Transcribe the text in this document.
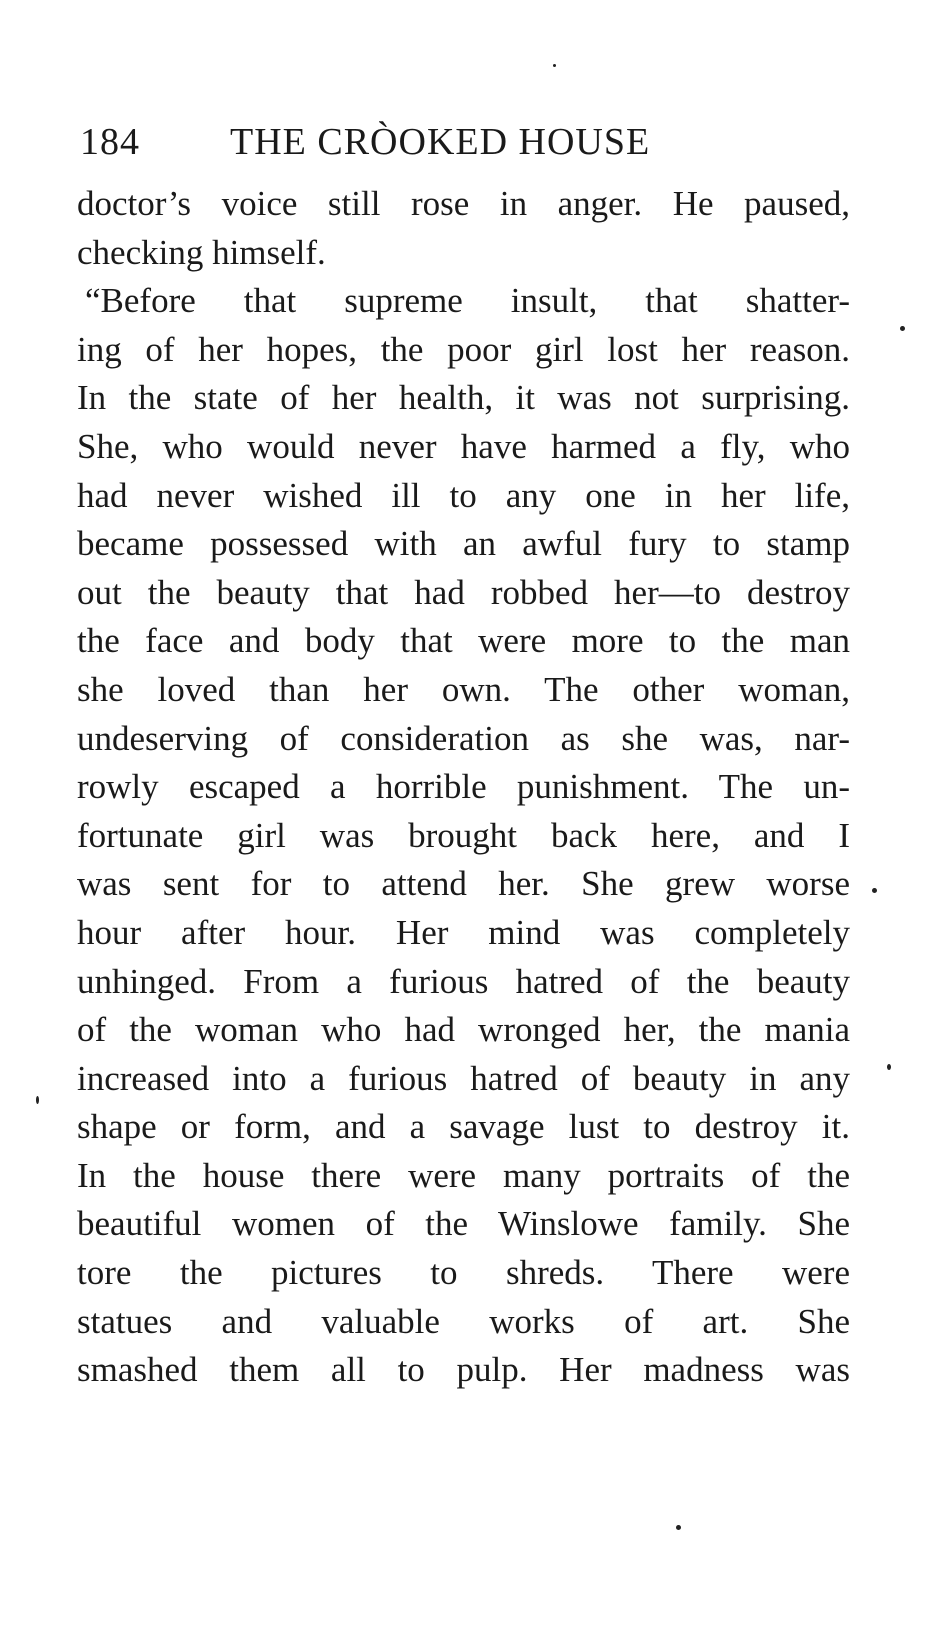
184 THE CRÒOKED HOUSE
doctor’s voice still rose in anger. He paused,
checking himself.
“Before that supreme insult, that shatter-
ing of her hopes, the poor girl lost her reason.
In the state of her health, it was not surprising.
She, who would never have harmed a fly, who
had never wished ill to any one in her life,
became possessed with an awful fury to stamp
out the beauty that had robbed her—to destroy
the face and body that were more to the man
she loved than her own. The other woman,
undeserving of consideration as she was, nar-
rowly escaped a horrible punishment. The un-
fortunate girl was brought back here, and I
was sent for to attend her. She grew worse
hour after hour. Her mind was completely
unhinged. From a furious hatred of the beauty
of the woman who had wronged her, the mania
increased into a furious hatred of beauty in any
shape or form, and a savage lust to destroy it.
In the house there were many portraits of the
beautiful women of the Winslowe family. She
tore the pictures to shreds. There were
statues and valuable works of art. She
smashed them all to pulp. Her madness was
